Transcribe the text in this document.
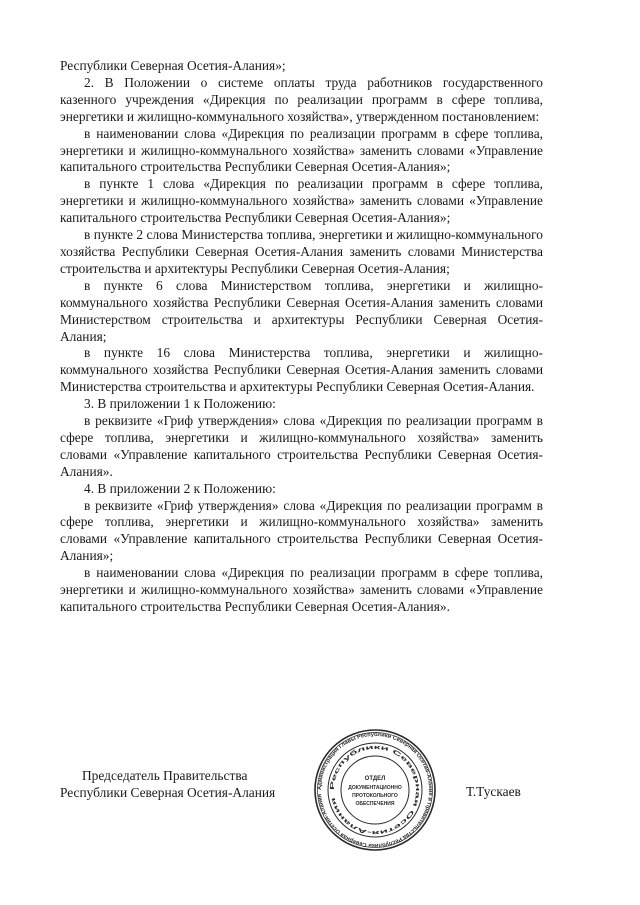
Республики Северная Осетия-Алания»;

2. В Положении о системе оплаты труда работников государственного казенного учреждения «Дирекция по реализации программ в сфере топлива, энергетики и жилищно-коммунального хозяйства», утвержденном постановлением:

в наименовании слова «Дирекция по реализации программ в сфере топлива, энергетики и жилищно-коммунального хозяйства» заменить словами «Управление капитального строительства Республики Северная Осетия-Алания»;

в пункте 1 слова «Дирекция по реализации программ в сфере топлива, энергетики и жилищно-коммунального хозяйства» заменить словами «Управление капитального строительства Республики Северная Осетия-Алания»;

в пункте 2 слова Министерства топлива, энергетики и жилищно-коммунального хозяйства Республики Северная Осетия-Алания заменить словами Министерства строительства и архитектуры Республики Северная Осетия-Алания;

в пункте 6 слова Министерством топлива, энергетики и жилищно-коммунального хозяйства Республики Северная Осетия-Алания заменить словами Министерством строительства и архитектуры Республики Северная Осетия-Алания;

в пункте 16 слова Министерства топлива, энергетики и жилищно-коммунального хозяйства Республики Северная Осетия-Алания заменить словами Министерства строительства и архитектуры Республики Северная Осетия-Алания.

3. В приложении 1 к Положению:

в реквизите «Гриф утверждения» слова «Дирекция по реализации программ в сфере топлива, энергетики и жилищно-коммунального хозяйства» заменить словами «Управление капитального строительства Республики Северная Осетия-Алания».

4. В приложении 2 к Положению:

в реквизите «Гриф утверждения» слова «Дирекция по реализации программ в сфере топлива, энергетики и жилищно-коммунального хозяйства» заменить словами «Управление капитального строительства Республики Северная Осетия-Алания»;

в наименовании слова «Дирекция по реализации программ в сфере топлива, энергетики и жилищно-коммунального хозяйства» заменить словами «Управление капитального строительства Республики Северная Осетия-Алания».

Председатель Правительства
Республики Северная Осетия-Алания	Т.Тускаев
Администрация Главы Республики Северная Осетия-Алания и Правительства Республики Северная Осетия-Алания
Республики Северная Осетия-Алания
ОТДЕЛ
ДОКУМЕНТАЦИОННО
ПРОТОКОЛЬНОГО
ОБЕСПЕЧЕНИЯ
